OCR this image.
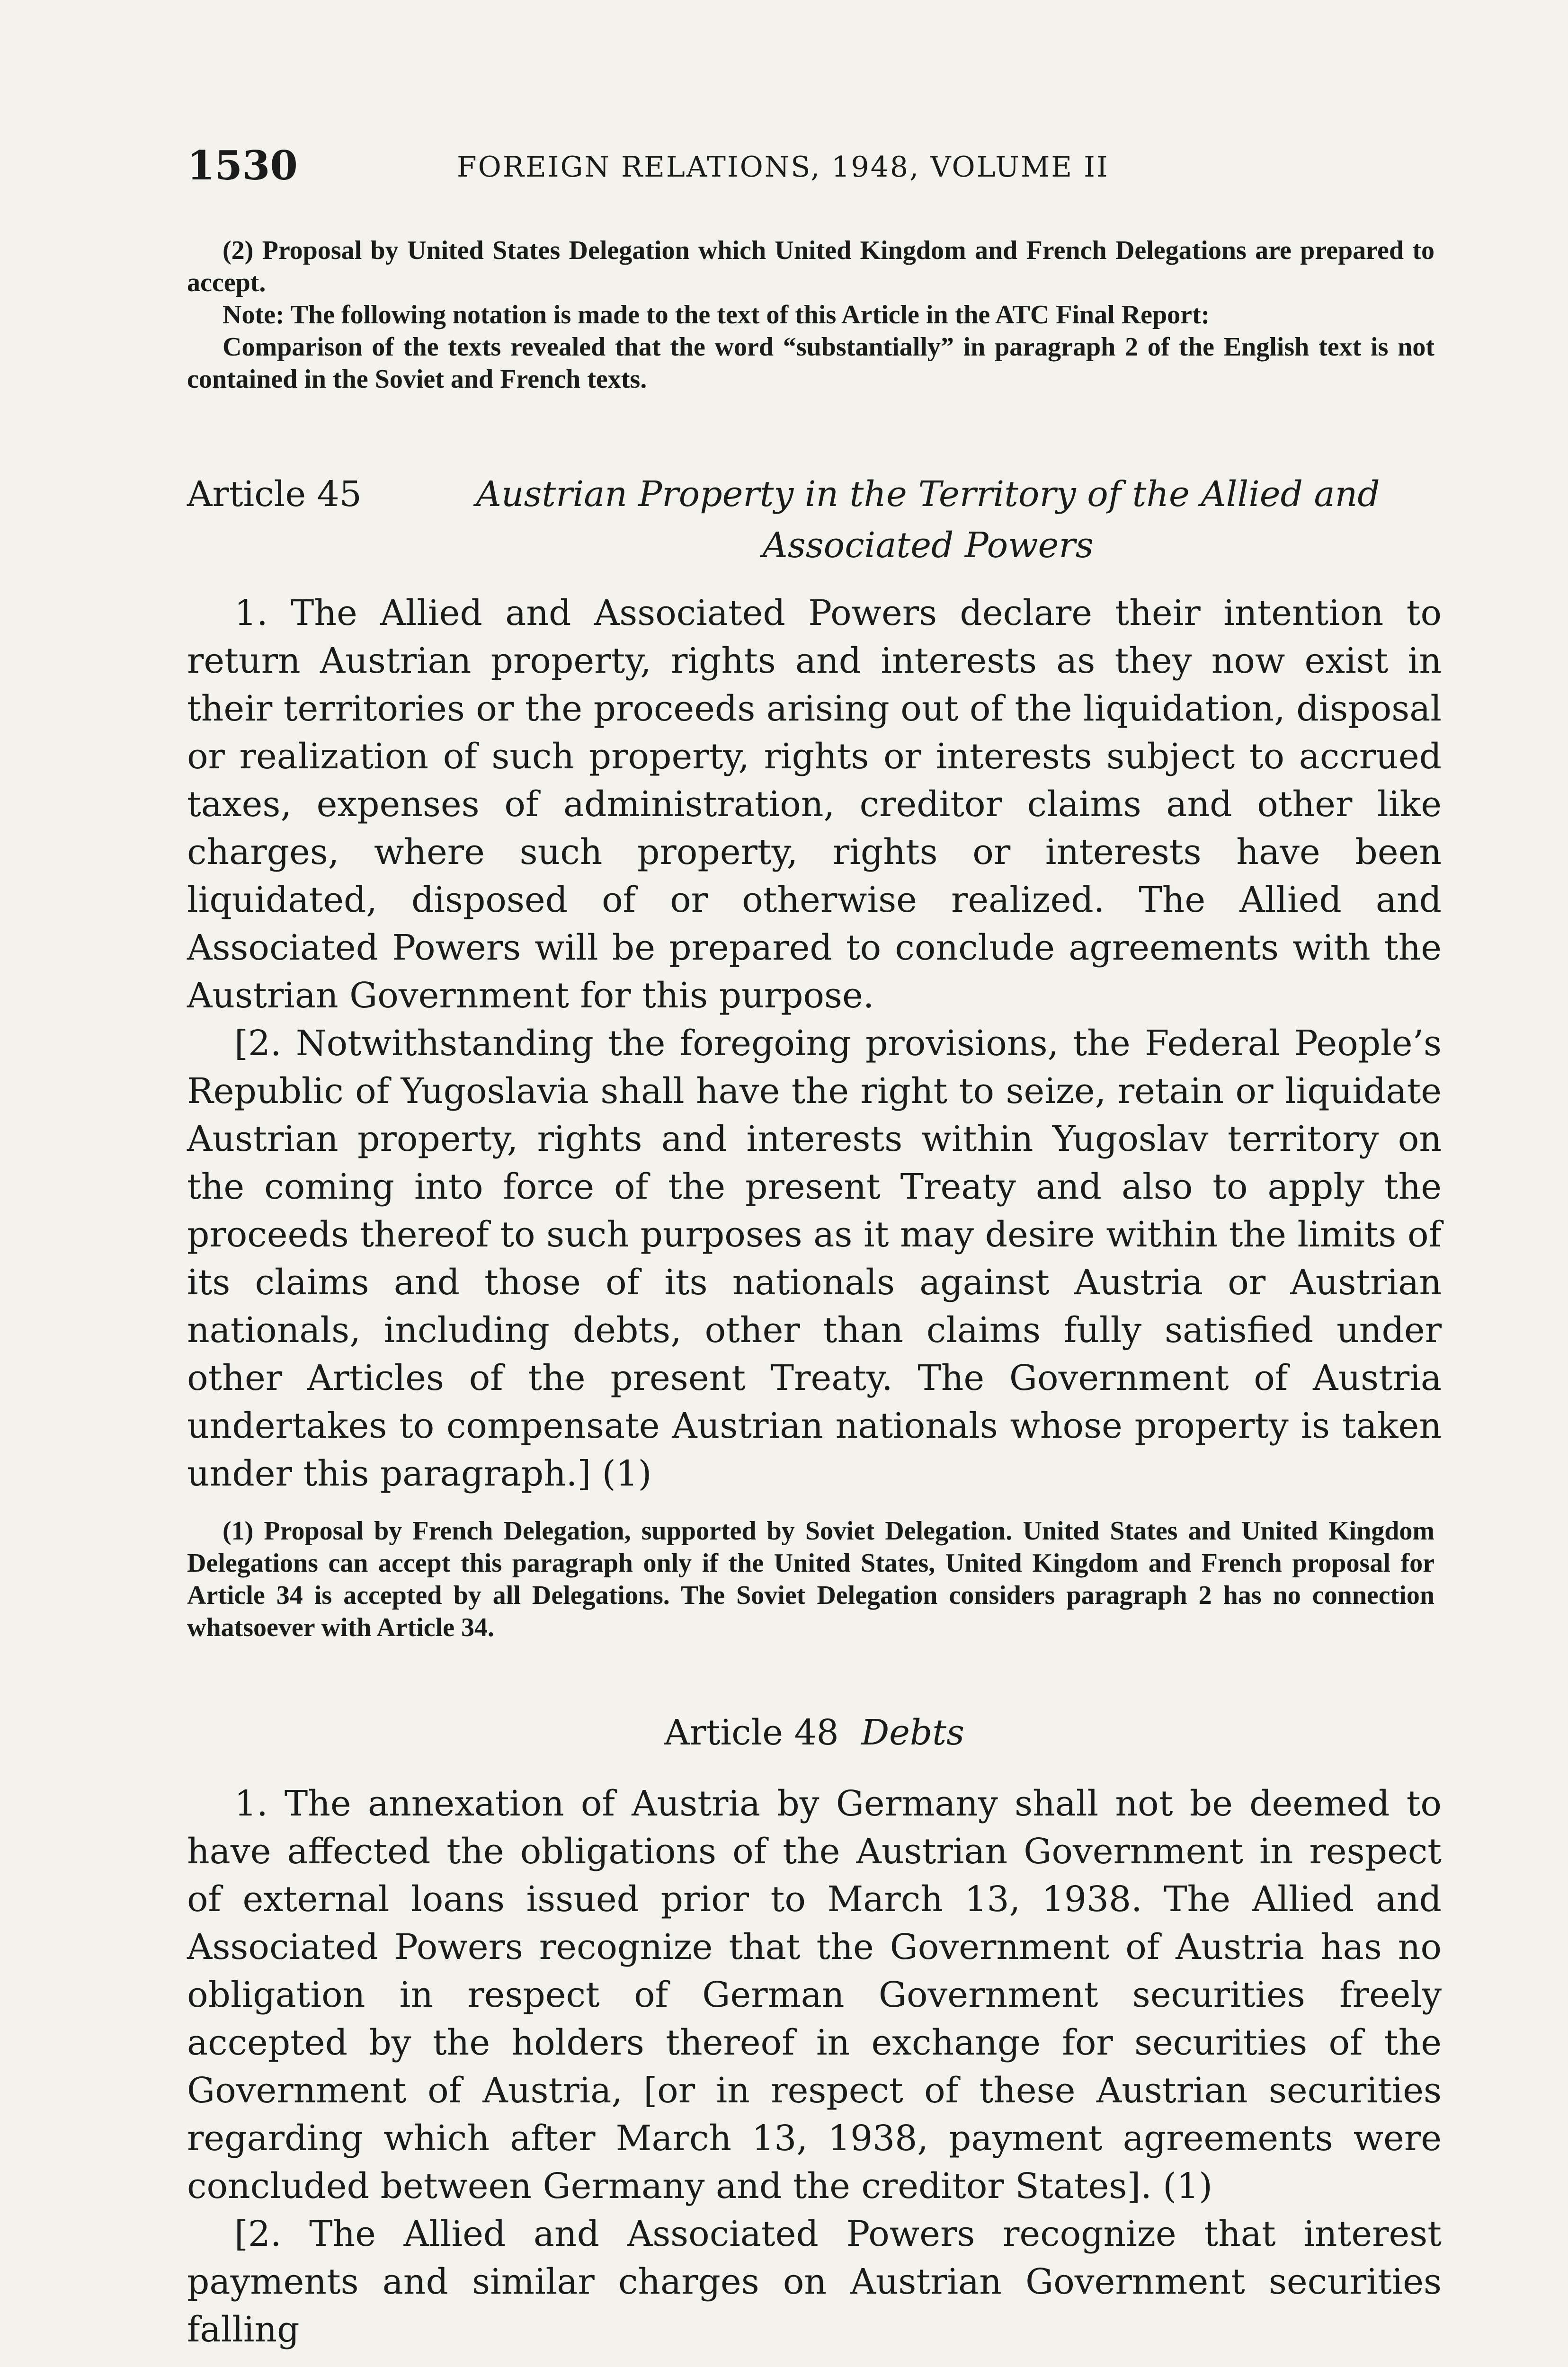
1530	FOREIGN RELATIONS, 1948, VOLUME II

(2) Proposal by United States Delegation which United Kingdom and French Delegations are prepared to accept.

Note: The following notation is made to the text of this Article in the ATC Final Report:

Comparison of the texts revealed that the word “substantially” in paragraph 2 of the English text is not contained in the Soviet and French texts.

Article 45	Austrian Property in the Territory of the Allied and Associated Powers

1. The Allied and Associated Powers declare their intention to return Austrian property, rights and interests as they now exist in their territories or the proceeds arising out of the liquidation, disposal or realization of such property, rights or interests subject to accrued taxes, expenses of administration, creditor claims and other like charges, where such property, rights or interests have been liquidated, disposed of or otherwise realized. The Allied and Associated Powers will be prepared to conclude agreements with the Austrian Government for this purpose.

[2. Notwithstanding the foregoing provisions, the Federal People’s Republic of Yugoslavia shall have the right to seize, retain or liquidate Austrian property, rights and interests within Yugoslav territory on the coming into force of the present Treaty and also to apply the proceeds thereof to such purposes as it may desire within the limits of its claims and those of its nationals against Austria or Austrian nationals, including debts, other than claims fully satisfied under other Articles of the present Treaty. The Government of Austria undertakes to compensate Austrian nationals whose property is taken under this paragraph.] (1)

(1) Proposal by French Delegation, supported by Soviet Delegation. United States and United Kingdom Delegations can accept this paragraph only if the United States, United Kingdom and French proposal for Article 34 is accepted by all Delegations. The Soviet Delegation considers paragraph 2 has no connection whatsoever with Article 34.

Article 48 Debts

1. The annexation of Austria by Germany shall not be deemed to have affected the obligations of the Austrian Government in respect of external loans issued prior to March 13, 1938. The Allied and Associated Powers recognize that the Government of Austria has no obligation in respect of German Government securities freely accepted by the holders thereof in exchange for securities of the Government of Austria, [or in respect of these Austrian securities regarding which after March 13, 1938, payment agreements were concluded between Germany and the creditor States]. (1)

[2. The Allied and Associated Powers recognize that interest payments and similar charges on Austrian Government securities falling
